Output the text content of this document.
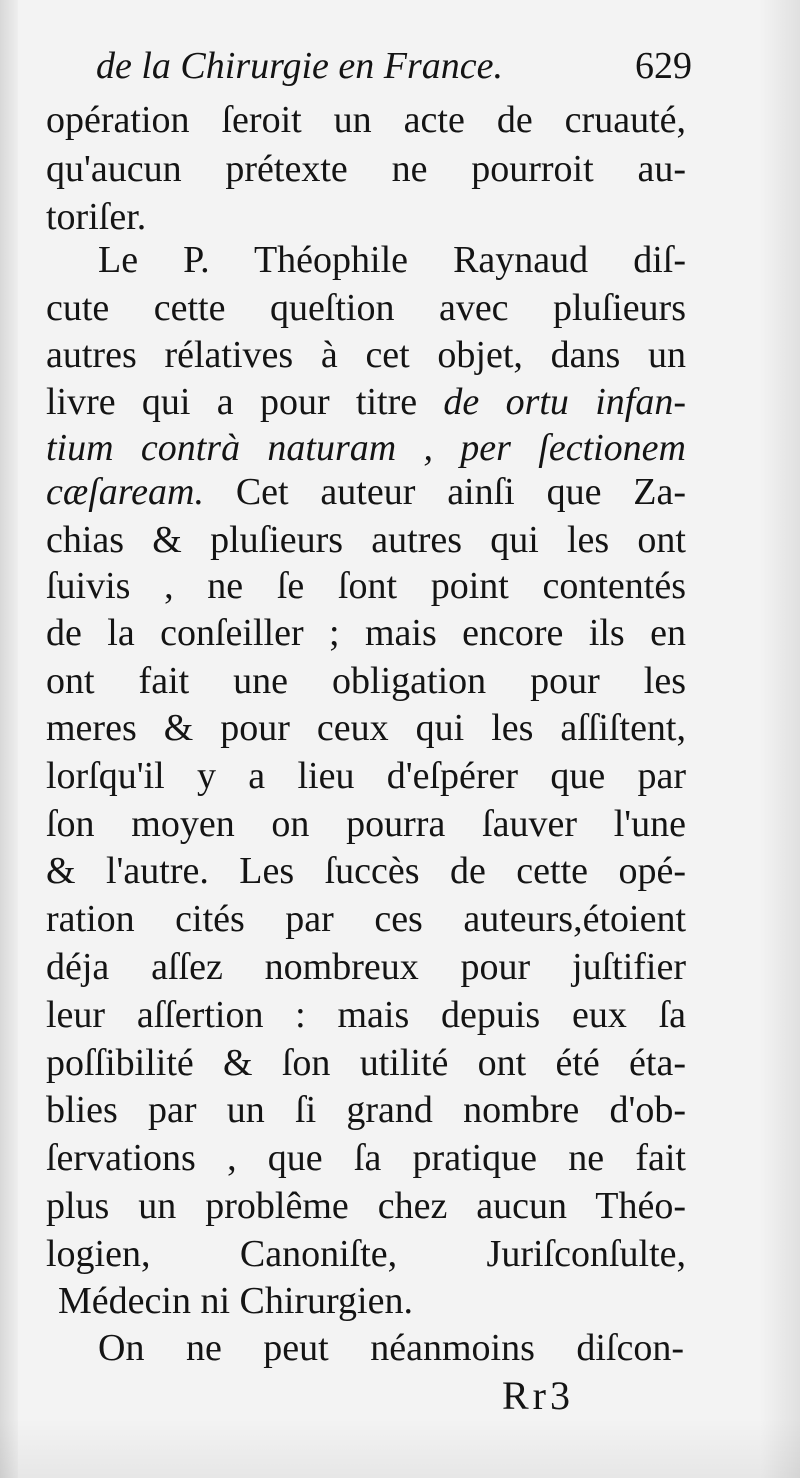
de la Chirurgie en France.	629
opération ſeroit un acte de cruauté,
qu'aucun prétexte ne pourroit au-
toriſer.
Le P. Théophile Raynaud diſ-
cute cette queſtion avec pluſieurs
autres rélatives à cet objet, dans un
livre qui a pour titre de ortu infan-
tium contrà naturam , per ſectionem
cæſaream. Cet auteur ainſi que Za-
chias & pluſieurs autres qui les ont
ſuivis , ne ſe ſont point contentés
de la conſeiller ; mais encore ils en
ont fait une obligation pour les
meres & pour ceux qui les aſſiſtent,
lorſqu'il y a lieu d'eſpérer que par
ſon moyen on pourra ſauver l'une
& l'autre. Les ſuccès de cette opé-
ration cités par ces auteurs,étoient
déja aſſez nombreux pour juſtifier
leur aſſertion : mais depuis eux ſa
poſſibilité & ſon utilité ont été éta-
blies par un ſi grand nombre d'ob-
ſervations , que ſa pratique ne fait
plus un problême chez aucun Théo-
logien, Canoniſte, Juriſconſulte,
Médecin ni Chirurgien.
On ne peut néanmoins diſcon-
Rr3
